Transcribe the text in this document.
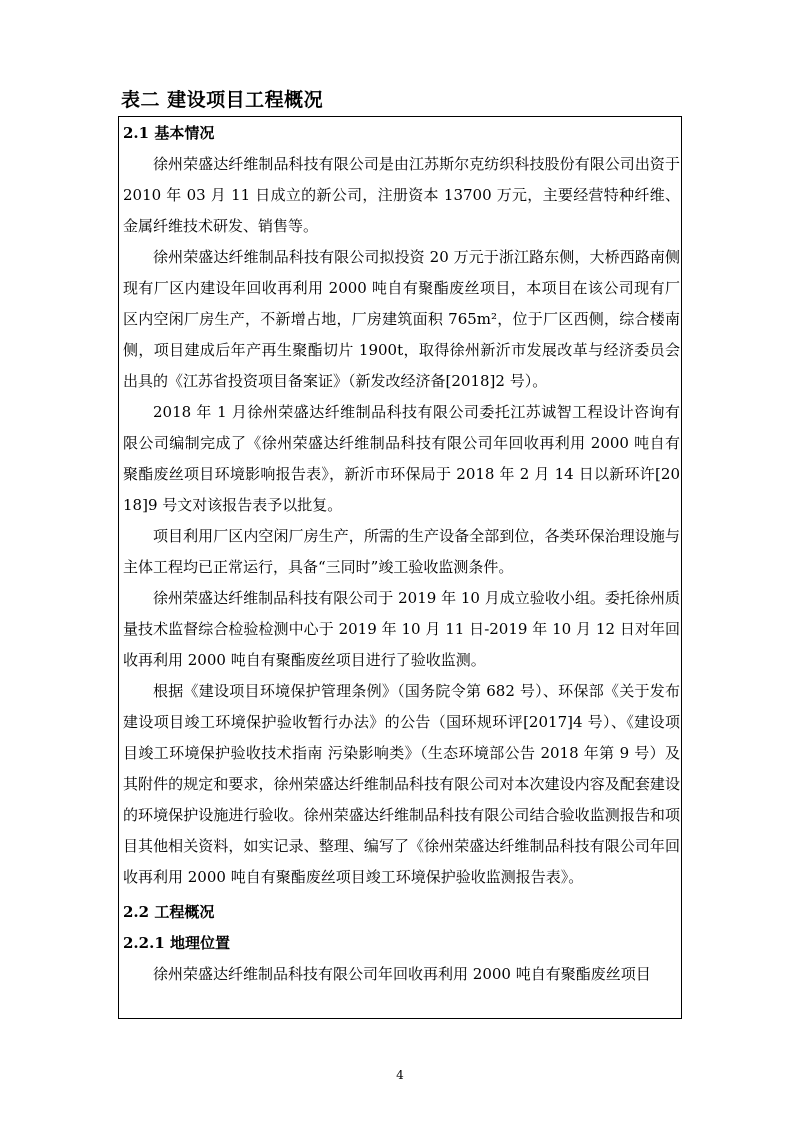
表二 建设项目工程概况
2.1 基本情况
徐州荣盛达纤维制品科技有限公司是由江苏斯尔克纺织科技股份有限公司出资于 2010 年 03 月 11 日成立的新公司，注册资本 13700 万元，主要经营特种纤维、金属纤维技术研发、销售等。
徐州荣盛达纤维制品科技有限公司拟投资 20 万元于浙江路东侧，大桥西路南侧现有厂区内建设年回收再利用 2000 吨自有聚酯废丝项目，本项目在该公司现有厂区内空闲厂房生产，不新增占地，厂房建筑面积 765m²，位于厂区西侧，综合楼南侧，项目建成后年产再生聚酯切片 1900t，取得徐州新沂市发展改革与经济委员会出具的《江苏省投资项目备案证》（新发改经济备[2018]2 号）。
2018 年 1 月徐州荣盛达纤维制品科技有限公司委托江苏诚智工程设计咨询有限公司编制完成了《徐州荣盛达纤维制品科技有限公司年回收再利用 2000 吨自有聚酯废丝项目环境影响报告表》，新沂市环保局于 2018 年 2 月 14 日以新环许[2018]9 号文对该报告表予以批复。
项目利用厂区内空闲厂房生产，所需的生产设备全部到位，各类环保治理设施与主体工程均已正常运行，具备“三同时”竣工验收监测条件。
徐州荣盛达纤维制品科技有限公司于 2019 年 10 月成立验收小组。委托徐州质量技术监督综合检验检测中心于 2019 年 10 月 11 日-2019 年 10 月 12 日对年回收再利用 2000 吨自有聚酯废丝项目进行了验收监测。
根据《建设项目环境保护管理条例》（国务院令第 682 号）、环保部《关于发布建设项目竣工环境保护验收暂行办法》的公告（国环规环评[2017]4 号）、《建设项目竣工环境保护验收技术指南 污染影响类》（生态环境部公告 2018 年第 9 号）及其附件的规定和要求，徐州荣盛达纤维制品科技有限公司对本次建设内容及配套建设的环境保护设施进行验收。徐州荣盛达纤维制品科技有限公司结合验收监测报告和项目其他相关资料，如实记录、整理、编写了《徐州荣盛达纤维制品科技有限公司年回收再利用 2000 吨自有聚酯废丝项目竣工环境保护验收监测报告表》。
2.2 工程概况
2.2.1 地理位置
徐州荣盛达纤维制品科技有限公司年回收再利用 2000 吨自有聚酯废丝项目
4
